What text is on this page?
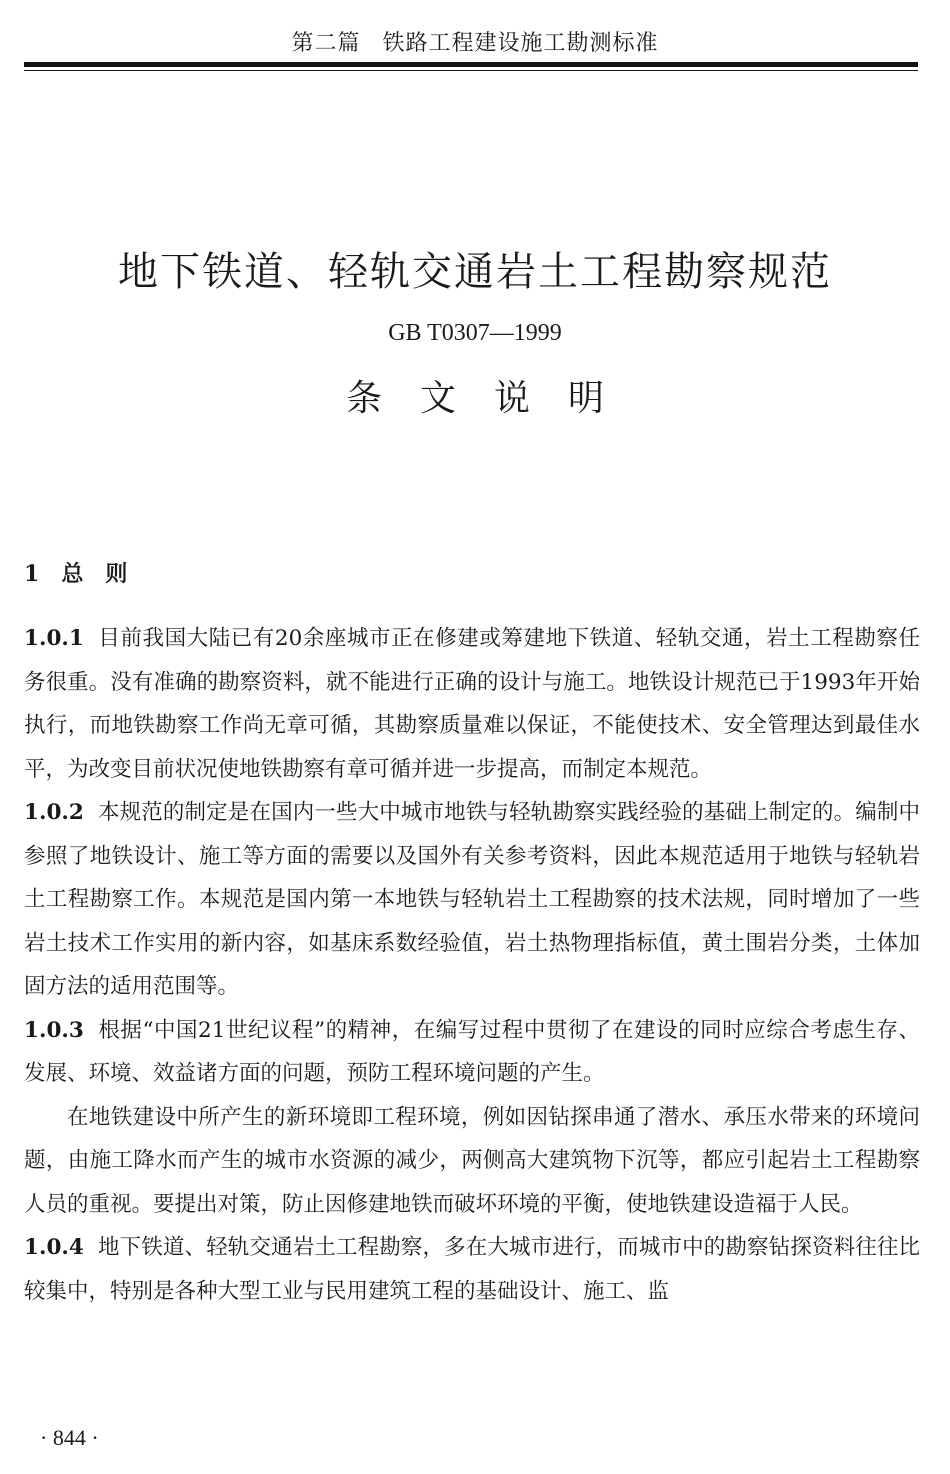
第二篇 铁路工程建设施工勘测标准
地下铁道、轻轨交通岩土工程勘察规范
GB T0307—1999
条文说明
1 总则

1.0.1 目前我国大陆已有20余座城市正在修建或筹建地下铁道、轻轨交通，岩土工程勘察任务很重。没有准确的勘察资料，就不能进行正确的设计与施工。地铁设计规范已于1993年开始执行，而地铁勘察工作尚无章可循，其勘察质量难以保证，不能使技术、安全管理达到最佳水平，为改变目前状况使地铁勘察有章可循并进一步提高，而制定本规范。

1.0.2 本规范的制定是在国内一些大中城市地铁与轻轨勘察实践经验的基础上制定的。编制中参照了地铁设计、施工等方面的需要以及国外有关参考资料，因此本规范适用于地铁与轻轨岩土工程勘察工作。本规范是国内第一本地铁与轻轨岩土工程勘察的技术法规，同时增加了一些岩土技术工作实用的新内容，如基床系数经验值，岩土热物理指标值，黄土围岩分类，土体加固方法的适用范围等。

1.0.3 根据“中国21世纪议程”的精神，在编写过程中贯彻了在建设的同时应综合考虑生存、发展、环境、效益诸方面的问题，预防工程环境问题的产生。

在地铁建设中所产生的新环境即工程环境，例如因钻探串通了潜水、承压水带来的环境问题，由施工降水而产生的城市水资源的减少，两侧高大建筑物下沉等，都应引起岩土工程勘察人员的重视。要提出对策，防止因修建地铁而破坏环境的平衡，使地铁建设造福于人民。

1.0.4 地下铁道、轻轨交通岩土工程勘察，多在大城市进行，而城市中的勘察钻探资料往往比较集中，特别是各种大型工业与民用建筑工程的基础设计、施工、监

· 844 ·
